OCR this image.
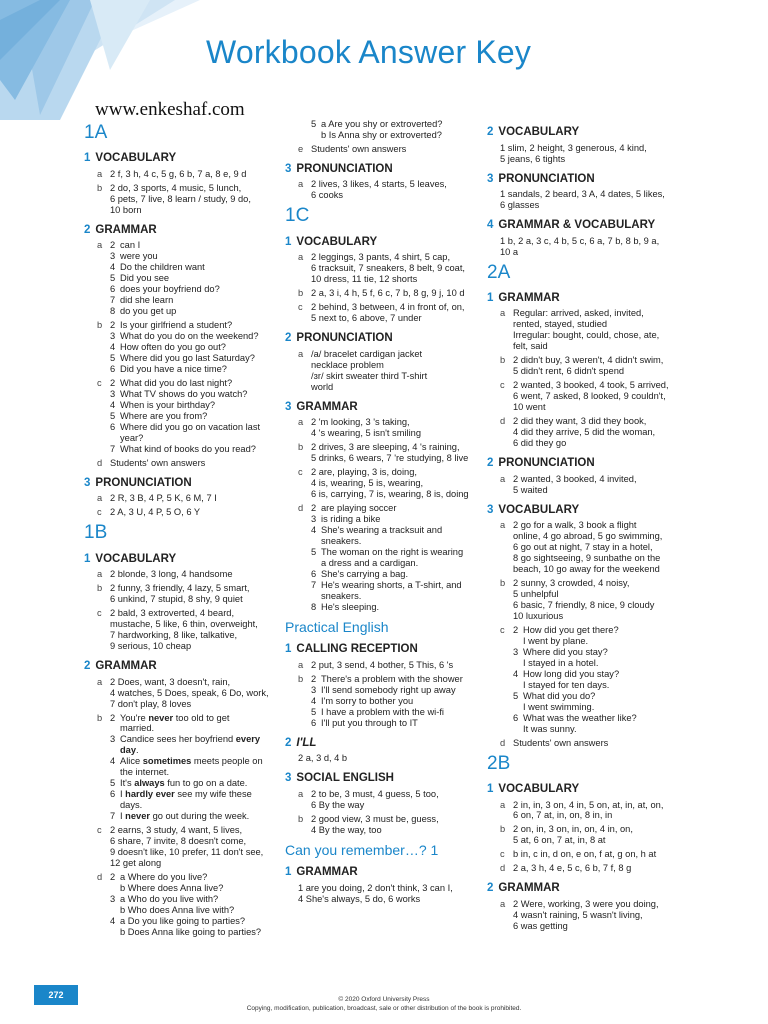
Workbook Answer Key
www.enkeshaf.com
1A
1 VOCABULARY
a 2 f, 3 h, 4 c, 5 g, 6 b, 7 a, 8 e, 9 d
b 2 do, 3 sports, 4 music, 5 lunch,
6 pets, 7 live, 8 learn / study, 9 do,
10 born
2 GRAMMAR
a 2 can I
3 were you
4 Do the children want
5 Did you see
6 does your boyfriend do?
7 did she learn
8 do you get up
b 2 Is your girlfriend a student?
3 What do you do on the weekend?
4 How often do you go out?
5 Where did you go last Saturday?
6 Did you have a nice time?
c 2 What did you do last night?
3 What TV shows do you watch?
4 When is your birthday?
5 Where are you from?
6 Where did you go on vacation last
year?
7 What kind of books do you read?
d Students' own answers
3 PRONUNCIATION
a 2 R, 3 B, 4 P, 5 K, 6 M, 7 I
c 2 A, 3 U, 4 P, 5 O, 6 Y
1B
1 VOCABULARY
a 2 blonde, 3 long, 4 handsome
b 2 funny, 3 friendly, 4 lazy, 5 smart,
6 unkind, 7 stupid, 8 shy, 9 quiet
c 2 bald, 3 extroverted, 4 beard,
mustache, 5 like, 6 thin, overweight,
7 hardworking, 8 like, talkative,
9 serious, 10 cheap
2 GRAMMAR
a 2 Does, want, 3 doesn't, rain,
4 watches, 5 Does, speak, 6 Do, work,
7 don't play, 8 loves
b 2 You're never too old to get
married.
3 Candice sees her boyfriend every
day.
4 Alice sometimes meets people on
the internet.
5 It's always fun to go on a date.
6 I hardly ever see my wife these
days.
7 I never go out during the week.
c 2 earns, 3 study, 4 want, 5 lives,
6 share, 7 invite, 8 doesn't come,
9 doesn't like, 10 prefer, 11 don't see,
12 get along
d 2 a Where do you live?
b Where does Anna live?
3 a Who do you live with?
b Who does Anna live with?
4 a Do you like going to parties?
b Does Anna like going to parties?
5 a Are you shy or extroverted?
b Is Anna shy or extroverted?
e Students' own answers
3 PRONUNCIATION
a 2 lives, 3 likes, 4 starts, 5 leaves,
6 cooks
1C
1 VOCABULARY
a 2 leggings, 3 pants, 4 shirt, 5 cap,
6 tracksuit, 7 sneakers, 8 belt, 9 coat,
10 dress, 11 tie, 12 shorts
b 2 a, 3 i, 4 h, 5 f, 6 c, 7 b, 8 g, 9 j, 10 d
c 2 behind, 3 between, 4 in front of, on,
5 next to, 6 above, 7 under
2 PRONUNCIATION
a /a/ bracelet cardigan jacket
necklace problem
/ɜr/ skirt sweater third T-shirt
world
3 GRAMMAR
a 2 'm looking, 3 's taking,
4 's wearing, 5 isn't smiling
b 2 drives, 3 are sleeping, 4 's raining,
5 drinks, 6 wears, 7 're studying, 8 live
c 2 are, playing, 3 is, doing,
4 is, wearing, 5 is, wearing,
6 is, carrying, 7 is, wearing, 8 is, doing
d 2 are playing soccer
3 is riding a bike
4 She's wearing a tracksuit and
sneakers.
5 The woman on the right is wearing
a dress and a cardigan.
6 She's carrying a bag.
7 He's wearing shorts, a T-shirt, and
sneakers.
8 He's sleeping.
Practical English
1 CALLING RECEPTION
a 2 put, 3 send, 4 bother, 5 This, 6 's
b 2 There's a problem with the shower
3 I'll send somebody right up away
4 I'm sorry to bother you
5 I have a problem with the wi-fi
6 I'll put you through to IT
2 I'LL
2 a, 3 d, 4 b
3 SOCIAL ENGLISH
a 2 to be, 3 must, 4 guess, 5 too,
6 By the way
b 2 good view, 3 must be, guess,
4 By the way, too
Can you remember…? 1
1 GRAMMAR
1 are you doing, 2 don't think, 3 can I,
4 She's always, 5 do, 6 works
2 VOCABULARY
1 slim, 2 height, 3 generous, 4 kind,
5 jeans, 6 tights
3 PRONUNCIATION
1 sandals, 2 beard, 3 A, 4 dates, 5 likes,
6 glasses
4 GRAMMAR & VOCABULARY
1 b, 2 a, 3 c, 4 b, 5 c, 6 a, 7 b, 8 b, 9 a,
10 a
2A
1 GRAMMAR
a Regular: arrived, asked, invited,
rented, stayed, studied
Irregular: bought, could, chose, ate,
felt, said
b 2 didn't buy, 3 weren't, 4 didn't swim,
5 didn't rent, 6 didn't spend
c 2 wanted, 3 booked, 4 took, 5 arrived,
6 went, 7 asked, 8 looked, 9 couldn't,
10 went
d 2 did they want, 3 did they book,
4 did they arrive, 5 did the woman,
6 did they go
2 PRONUNCIATION
a 2 wanted, 3 booked, 4 invited,
5 waited
3 VOCABULARY
a 2 go for a walk, 3 book a flight
online, 4 go abroad, 5 go swimming,
6 go out at night, 7 stay in a hotel,
8 go sightseeing, 9 sunbathe on the
beach, 10 go away for the weekend
b 2 sunny, 3 crowded, 4 noisy,
5 unhelpful
6 basic, 7 friendly, 8 nice, 9 cloudy
10 luxurious
c 2 How did you get there?
I went by plane.
3 Where did you stay?
I stayed in a hotel.
4 How long did you stay?
I stayed for ten days.
5 What did you do?
I went swimming.
6 What was the weather like?
It was sunny.
d Students' own answers
2B
1 VOCABULARY
a 2 in, in, 3 on, 4 in, 5 on, at, in, at, on,
6 on, 7 at, in, on, 8 in, in
b 2 on, in, 3 on, in, on, 4 in, on,
5 at, 6 on, 7 at, in, 8 at
c b in, c in, d on, e on, f at, g on, h at
d 2 a, 3 h, 4 e, 5 c, 6 b, 7 f, 8 g
2 GRAMMAR
a 2 Were, working, 3 were you doing,
4 wasn't raining, 5 wasn't living,
6 was getting
272	© 2020 Oxford University Press
Copying, modification, publication, broadcast, sale or other distribution of the book is prohibited.
